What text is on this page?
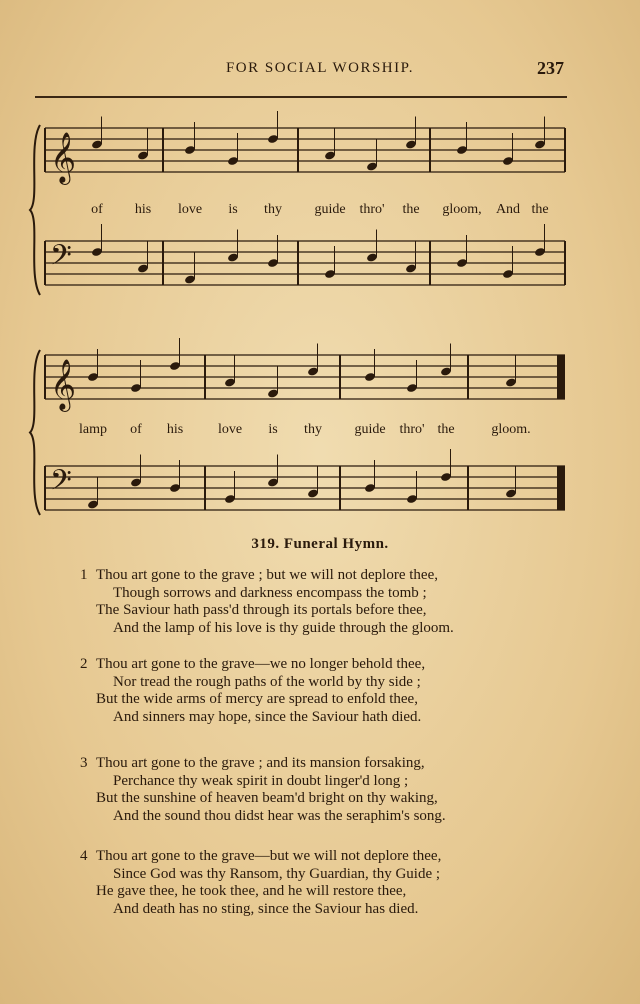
FOR SOCIAL WORSHIP.	237
𝄞
𝄢
𝄞
𝄢
of his love is thy guide thro' the gloom, And the
lamp of his love is thy guide thro' the	gloom.
319. Funeral Hymn.
1 Thou art gone to the grave ; but we will not deplore thee,
Though sorrows and darkness encompass the tomb ;
The Saviour hath pass'd through its portals before thee,
And the lamp of his love is thy guide through the gloom.
2 Thou art gone to the grave—we no longer behold thee,
Nor tread the rough paths of the world by thy side ;
But the wide arms of mercy are spread to enfold thee,
And sinners may hope, since the Saviour hath died.
3 Thou art gone to the grave ; and its mansion forsaking,
Perchance thy weak spirit in doubt linger'd long ;
But the sunshine of heaven beam'd bright on thy waking,
And the sound thou didst hear was the seraphim's song.
4 Thou art gone to the grave—but we will not deplore thee,
Since God was thy Ransom, thy Guardian, thy Guide ;
He gave thee, he took thee, and he will restore thee,
And death has no sting, since the Saviour has died.
